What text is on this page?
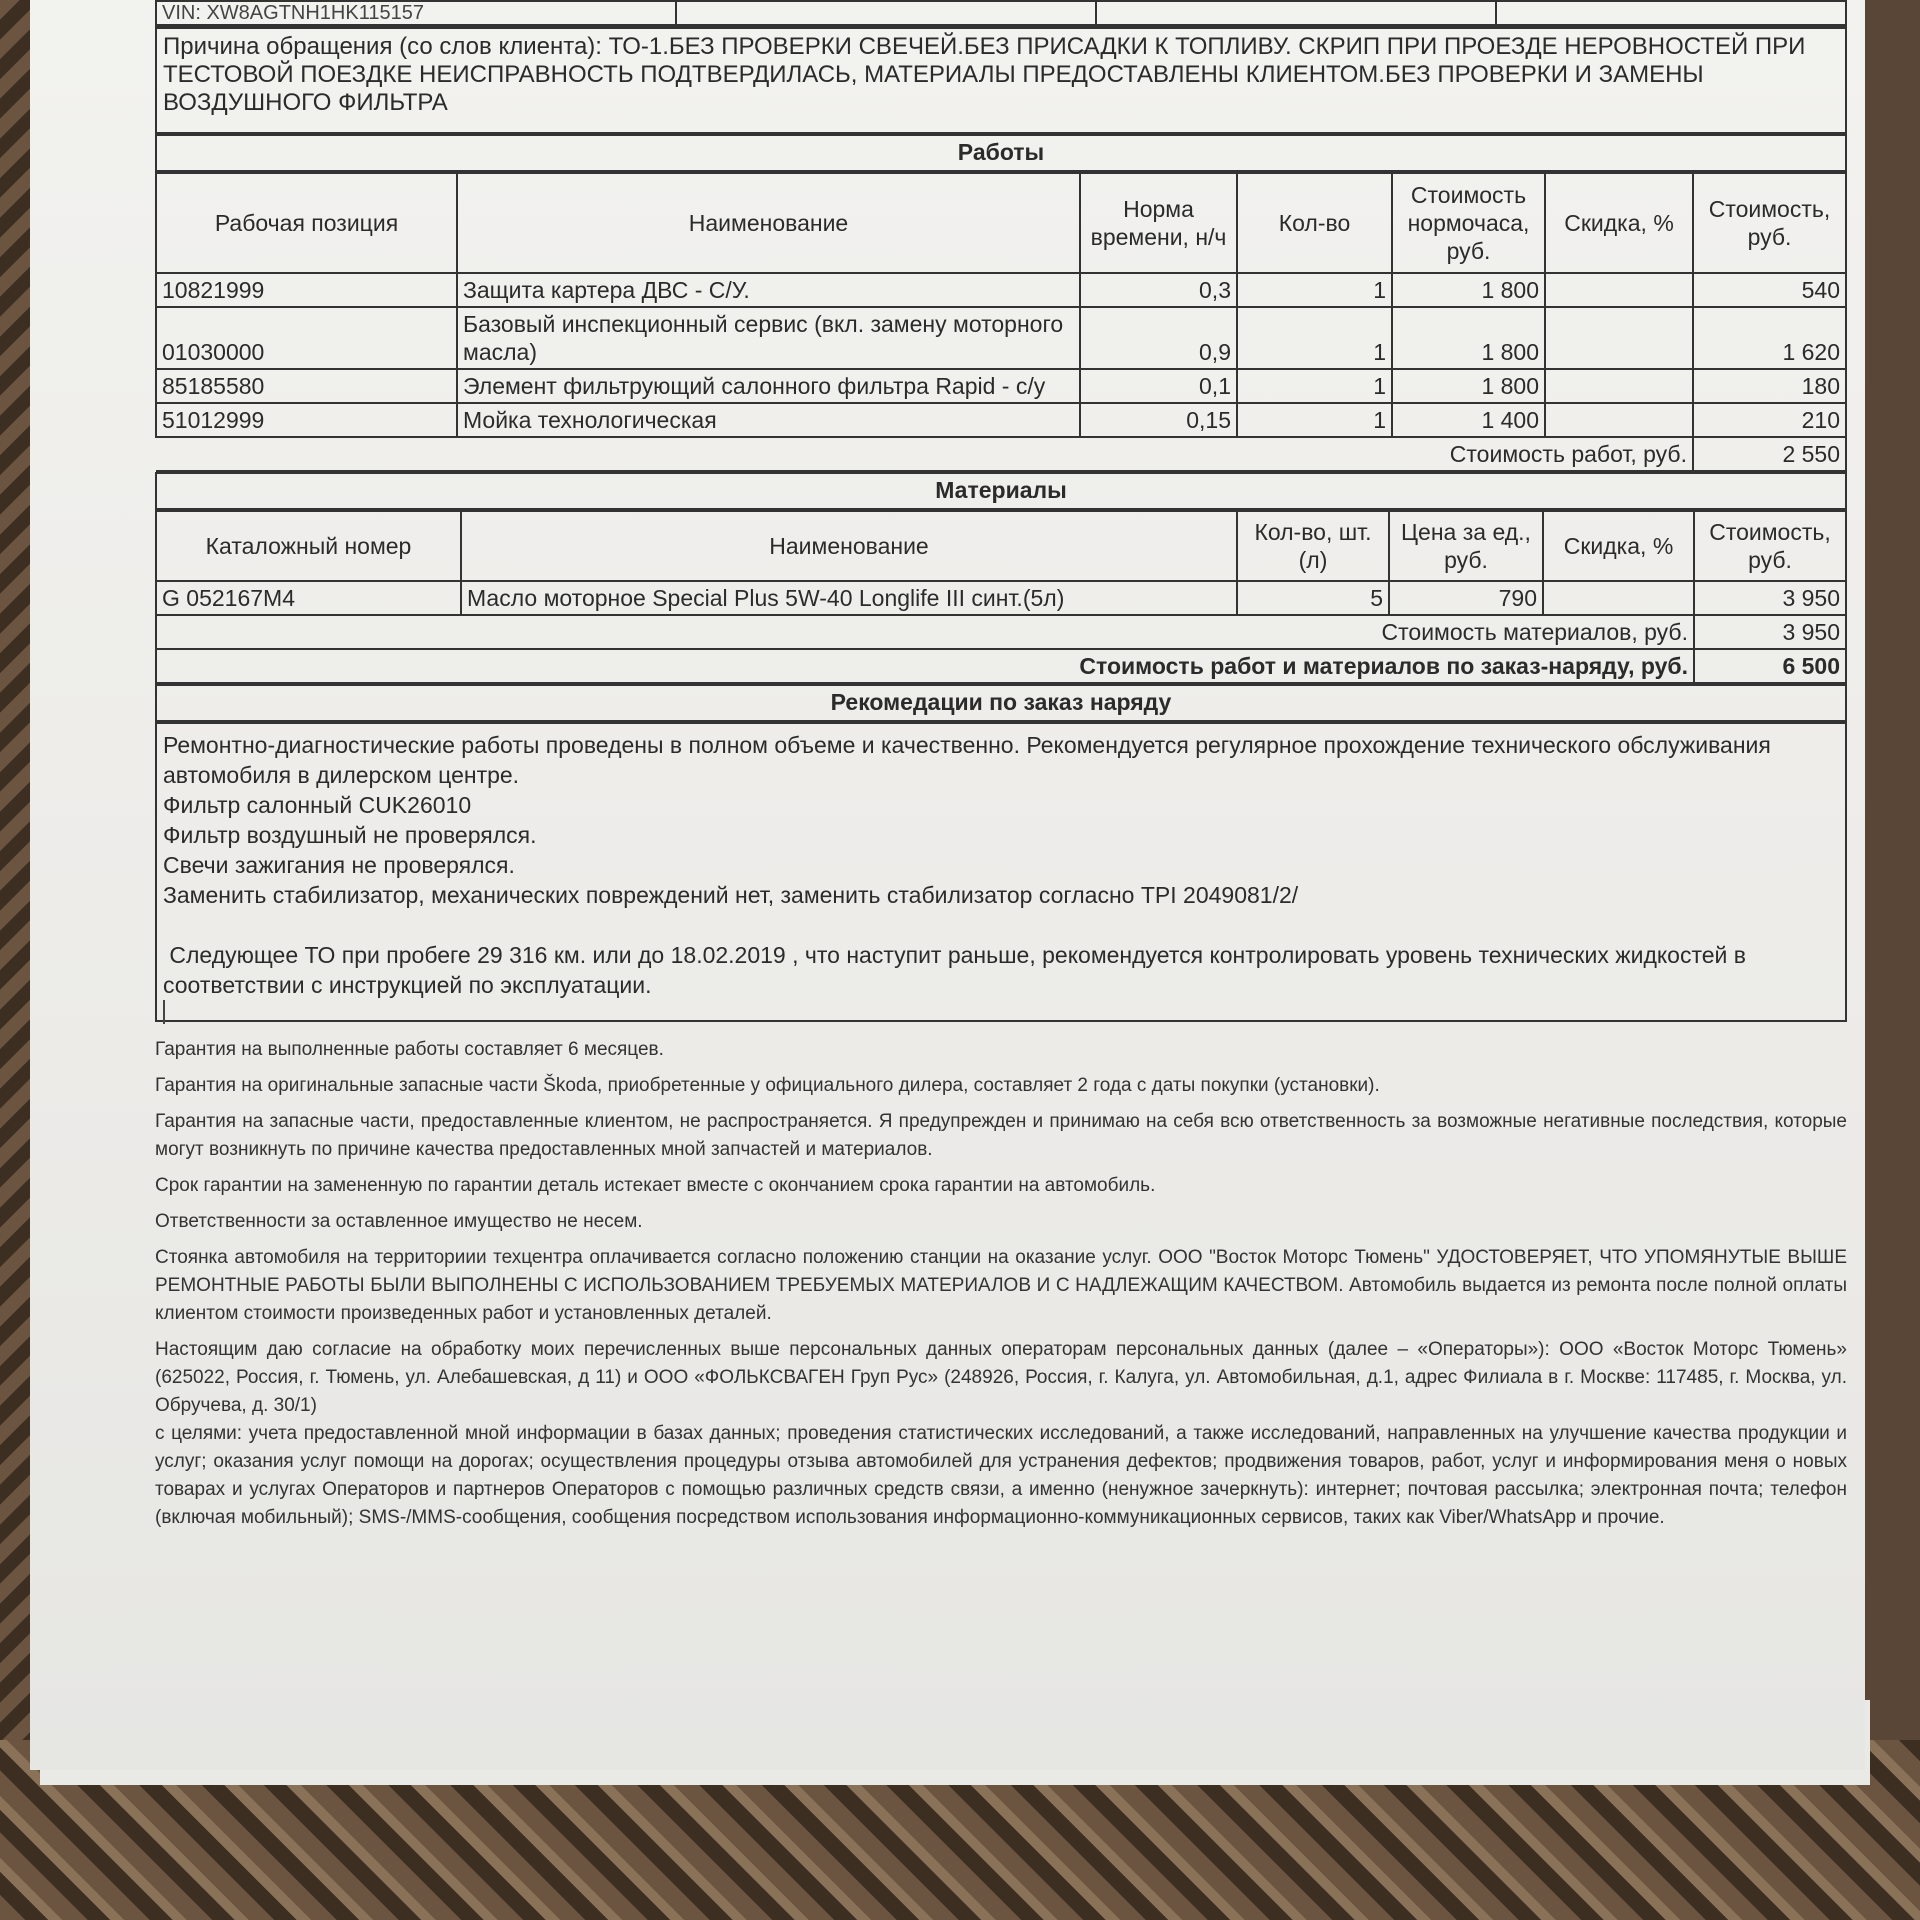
VIN: XW8AGTNH1HK115157			
Причина обращения (со слов клиента): ТО-1.БЕЗ ПРОВЕРКИ СВЕЧЕЙ.БЕЗ ПРИСАДКИ К ТОПЛИВУ. СКРИП ПРИ ПРОЕЗДЕ НЕРОВНОСТЕЙ ПРИ ТЕСТОВОЙ ПОЕЗДКЕ НЕИСПРАВНОСТЬ ПОДТВЕРДИЛАСЬ, МАТЕРИАЛЫ ПРЕДОСТАВЛЕНЫ КЛИЕНТОМ.БЕЗ ПРОВЕРКИ И ЗАМЕНЫ ВОЗДУШНОГО ФИЛЬТРА
Работы
Рабочая позиция	Наименование	Норма времени, н/ч	Кол-во	Стоимость нормочаса, руб.	Скидка, %	Стоимость, руб.
10821999	Защита картера ДВС - С/У.	0,3	1	1 800		540
01030000	Базовый инспекционный сервис (вкл. замену моторного масла)	0,9	1	1 800		1 620
85185580	Элемент фильтрующий салонного фильтра Rapid - с/у	0,1	1	1 800		180
51012999	Мойка технологическая	0,15	1	1 400		210
Стоимость работ, руб.						2 550
Материалы
Каталожный номер	Наименование	Кол-во, шт. (л)	Цена за ед., руб.	Скидка, %	Стоимость, руб.
G 052167M4	Масло моторное Special Plus 5W-40 Longlife III синт.(5л)	5	790		3 950
Стоимость материалов, руб.					3 950
Стоимость работ и материалов по заказ-наряду, руб.					6 500
Рекомедации по заказ наряду

Ремонтно-диагностические работы проведены в полном объеме и качественно. Рекомендуется регулярное прохождение технического обслуживания автомобиля в дилерском центре.

Фильтр салонный CUK26010

Фильтр воздушный не проверялся.

Свечи зажигания не проверялся.

Заменить стабилизатор, механических повреждений нет, заменить стабилизатор согласно TPI 2049081/2/

Следующее ТО при пробеге 29 316 км. или до 18.02.2019 , что наступит раньше, рекомендуется контролировать уровень технических жидкостей в соответствии с инструкцией по эксплуатации.

Гарантия на выполненные работы составляет 6 месяцев.

Гарантия на оригинальные запасные части Škoda, приобретенные у официального дилера, составляет 2 года с даты покупки (установки).

Гарантия на запасные части, предоставленные клиентом, не распространяется. Я предупрежден и принимаю на себя всю ответственность за возможные негативные последствия, которые могут возникнуть по причине качества предоставленных мной запчастей и материалов.

Срок гарантии на замененную по гарантии деталь истекает вместе с окончанием срока гарантии на автомобиль.

Ответственности за оставленное имущество не несем.

Стоянка автомобиля на территориии техцентра оплачивается согласно положению станции на оказание услуг. ООО "Восток Моторс Тюмень" УДОСТОВЕРЯЕТ, ЧТО УПОМЯНУТЫЕ ВЫШЕ РЕМОНТНЫЕ РАБОТЫ БЫЛИ ВЫПОЛНЕНЫ С ИСПОЛЬЗОВАНИЕМ ТРЕБУЕМЫХ МАТЕРИАЛОВ И С НАДЛЕЖАЩИМ КАЧЕСТВОМ. Автомобиль выдается из ремонта после полной оплаты клиентом стоимости произведенных работ и установленных деталей.

Настоящим даю согласие на обработку моих перечисленных выше персональных данных операторам персональных данных (далее – «Операторы»): ООО «Восток Моторс Тюмень» (625022, Россия, г. Тюмень, ул. Алебашевская, д 11) и ООО «ФОЛЬКСВАГЕН Груп Рус» (248926, Россия, г. Калуга, ул. Автомобильная, д.1, адрес Филиала в г. Москве: 117485, г. Москва, ул. Обручева, д. 30/1)

с целями: учета предоставленной мной информации в базах данных; проведения статистических исследований, а также исследований, направленных на улучшение качества продукции и услуг; оказания услуг помощи на дорогах; осуществления процедуры отзыва автомобилей для устранения дефектов; продвижения товаров, работ, услуг и информирования меня о новых товарах и услугах Операторов и партнеров Операторов с помощью различных средств связи, а именно (ненужное зачеркнуть): интернет; почтовая рассылка; электронная почта; телефон (включая мобильный); SMS-/MMS-сообщения, сообщения посредством использования информационно-коммуникационных сервисов, таких как Viber/WhatsApp и прочие.
